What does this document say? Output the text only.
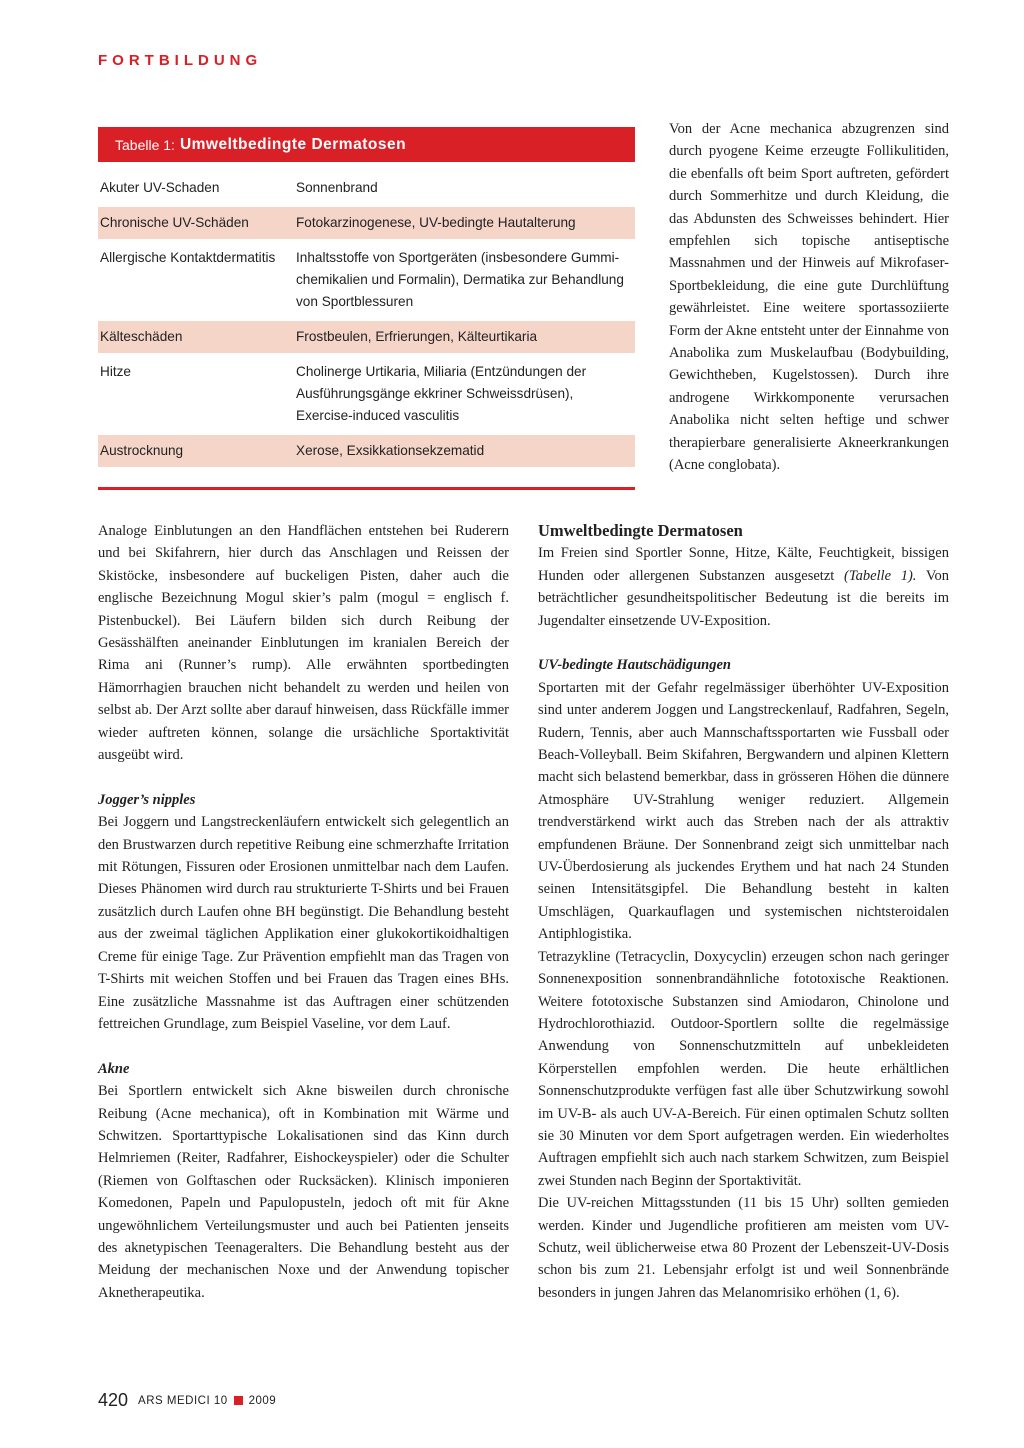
FORTBILDUNG
Tabelle 1: Umweltbedingte Dermatosen
Akuter UV-Schaden	Sonnenbrand
Chronische UV-Schäden	Fotokarzinogenese, UV-bedingte Hautalterung
Allergische Kontaktdermatitis	Inhaltsstoffe von Sportgeräten (insbesondere Gummichemikalien und Formalin), Dermatika zur Behandlung von Sportblessuren
Kälteschäden	Frostbeulen, Erfrierungen, Kälteurtikaria
Hitze	Cholinerge Urtikaria, Miliaria (Entzündungen der Ausführungsgänge ekkriner Schweissdrüsen), Exercise-induced vasculitis
Austrocknung	Xerose, Exsikkationsekzematid

Von der Acne mechanica abzugrenzen sind durch pyogene Keime erzeugte Follikulitiden, die ebenfalls oft beim Sport auftreten, gefördert durch Sommerhitze und durch Kleidung, die das Abdunsten des Schweisses behindert. Hier empfehlen sich topische antiseptische Massnahmen und der Hinweis auf Mikrofaser-Sportbekleidung, die eine gute Durchlüftung gewährleistet. Eine weitere sportassoziierte Form der Akne entsteht unter der Einnahme von Anabolika zum Muskelaufbau (Bodybuilding, Gewichtheben, Kugelstossen). Durch ihre androgene Wirkkomponente verursachen Anabolika nicht selten heftige und schwer therapierbare generalisierte Akneerkrankungen (Acne conglobata).

Analoge Einblutungen an den Handflächen entstehen bei Ruderern und bei Skifahrern, hier durch das Anschlagen und Reissen der Skistöcke, insbesondere auf buckeligen Pisten, daher auch die englische Bezeichnung Mogul skier’s palm (mogul = englisch f. Pistenbuckel). Bei Läufern bilden sich durch Reibung der Gesässhälften aneinander Einblutungen im kranialen Bereich der Rima ani (Runner’s rump). Alle erwähnten sportbedingten Hämorrhagien brauchen nicht behandelt zu werden und heilen von selbst ab. Der Arzt sollte aber darauf hinweisen, dass Rückfälle immer wieder auftreten können, solange die ursächliche Sportaktivität ausgeübt wird.

Jogger’s nipples

Bei Joggern und Langstreckenläufern entwickelt sich gelegentlich an den Brustwarzen durch repetitive Reibung eine schmerzhafte Irritation mit Rötungen, Fissuren oder Erosionen unmittelbar nach dem Laufen. Dieses Phänomen wird durch rau strukturierte T-Shirts und bei Frauen zusätzlich durch Laufen ohne BH begünstigt. Die Behandlung besteht aus der zweimal täglichen Applikation einer glukokortikoidhaltigen Creme für einige Tage. Zur Prävention empfiehlt man das Tragen von T-Shirts mit weichen Stoffen und bei Frauen das Tragen eines BHs. Eine zusätzliche Massnahme ist das Auftragen einer schützenden fettreichen Grundlage, zum Beispiel Vaseline, vor dem Lauf.

Akne

Bei Sportlern entwickelt sich Akne bisweilen durch chronische Reibung (Acne mechanica), oft in Kombination mit Wärme und Schwitzen. Sportarttypische Lokalisationen sind das Kinn durch Helmriemen (Reiter, Radfahrer, Eishockeyspieler) oder die Schulter (Riemen von Golftaschen oder Rucksäcken). Klinisch imponieren Komedonen, Papeln und Papulopusteln, jedoch oft mit für Akne ungewöhnlichem Verteilungsmuster und auch bei Patienten jenseits des aknetypischen Teenageralters. Die Behandlung besteht aus der Meidung der mechanischen Noxe und der Anwendung topischer Aknetherapeutika.

Umweltbedingte Dermatosen

Im Freien sind Sportler Sonne, Hitze, Kälte, Feuchtigkeit, bissigen Hunden oder allergenen Substanzen ausgesetzt (Tabelle 1). Von beträchtlicher gesundheitspolitischer Bedeutung ist die bereits im Jugendalter einsetzende UV-Exposition.

UV-bedingte Hautschädigungen

Sportarten mit der Gefahr regelmässiger überhöhter UV-Exposition sind unter anderem Joggen und Langstreckenlauf, Radfahren, Segeln, Rudern, Tennis, aber auch Mannschaftssportarten wie Fussball oder Beach-Volleyball. Beim Skifahren, Bergwandern und alpinen Klettern macht sich belastend bemerkbar, dass in grösseren Höhen die dünnere Atmosphäre UV-Strahlung weniger reduziert. Allgemein trendverstärkend wirkt auch das Streben nach der als attraktiv empfundenen Bräune. Der Sonnenbrand zeigt sich unmittelbar nach UV-Überdosierung als juckendes Erythem und hat nach 24 Stunden seinen Intensitätsgipfel. Die Behandlung besteht in kalten Umschlägen, Quarkauflagen und systemischen nichtsteroidalen Antiphlogistika.

Tetrazykline (Tetracyclin, Doxycyclin) erzeugen schon nach geringer Sonnenexposition sonnenbrandähnliche fototoxische Reaktionen. Weitere fototoxische Substanzen sind Amiodaron, Chinolone und Hydrochlorothiazid. Outdoor-Sportlern sollte die regelmässige Anwendung von Sonnenschutzmitteln auf unbekleideten Körperstellen empfohlen werden. Die heute erhältlichen Sonnenschutzprodukte verfügen fast alle über Schutzwirkung sowohl im UV-B- als auch UV-A-Bereich. Für einen optimalen Schutz sollten sie 30 Minuten vor dem Sport aufgetragen werden. Ein wiederholtes Auftragen empfiehlt sich auch nach starkem Schwitzen, zum Beispiel zwei Stunden nach Beginn der Sportaktivität.

Die UV-reichen Mittagsstunden (11 bis 15 Uhr) sollten gemieden werden. Kinder und Jugendliche profitieren am meisten vom UV-Schutz, weil üblicherweise etwa 80 Prozent der Lebenszeit-UV-Dosis schon bis zum 21. Lebensjahr erfolgt ist und weil Sonnenbrände besonders in jungen Jahren das Melanomrisiko erhöhen (1, 6).

420 ARS MEDICI 10 2009
